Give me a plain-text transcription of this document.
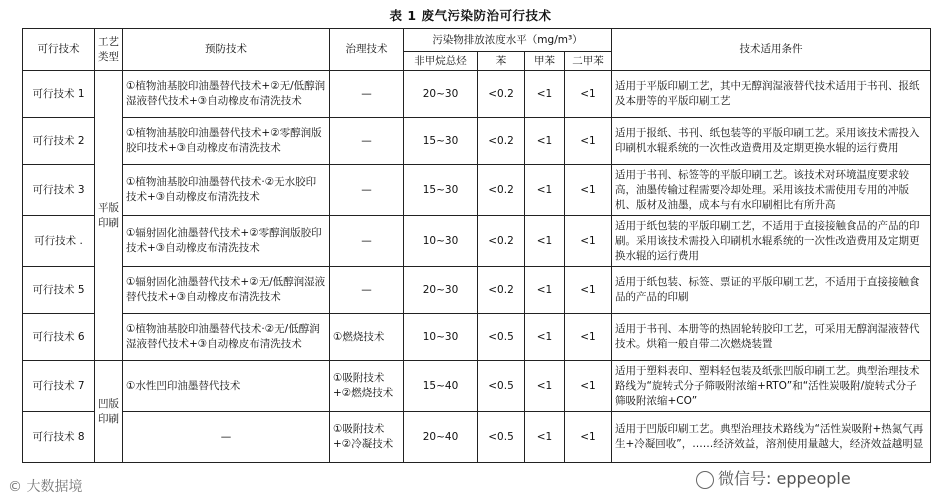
表 1 废气污染防治可行技术
可行技术	工艺类型	预防技术	治理技术	污染物排放浓度水平（mg/m³）				技术适用条件
				非甲烷总烃	苯	甲苯	二甲苯	
可行技术 1	平版印刷	①植物油基胶印油墨替代技术+②无/低醇润湿液替代技术+③自动橡皮布清洗技术	—	20~30	<0.2	<1	<1	适用于平版印刷工艺，其中无醇润湿液替代技术适用于书刊、报纸及本册等的平版印刷工艺
可行技术 2		①植物油基胶印油墨替代技术+②零醇润版胶印技术+③自动橡皮布清洗技术	—	15~30	<0.2	<1	<1	适用于报纸、书刊、纸包装等的平版印刷工艺。采用该技术需投入印刷机水辊系统的一次性改造费用及定期更换水辊的运行费用
可行技术 3		①植物油基胶印油墨替代技术·②无水胶印技术+③自动橡皮布清洗技术	—	15~30	<0.2	<1	<1	适用于书刊、标签等的平版印刷工艺。该技术对环境温度要求较高，油墨传输过程需要冷却处理。采用该技术需使用专用的冲版机、版材及油墨，成本与有水印刷相比有所升高
可行技术 .		①辐射固化油墨替代技术+②零醇润版胶印技术+③自动橡皮布清洗技术	—	10~30	<0.2	<1	<1	适用于纸包装的平版印刷工艺，不适用于直接接触食品的产品的印刷。采用该技术需投入印刷机水辊系统的一次性改造费用及定期更换水辊的运行费用
可行技术 5		①辐射固化油墨替代技术+②无/低醇润湿液替代技术+③自动橡皮布清洗技术	—	20~30	<0.2	<1	<1	适用于纸包装、标签、票证的平版印刷工艺，不适用于直接接触食品的产品的印刷
可行技术 6		①植物油基胶印油墨替代技术·②无/低醇润湿液替代技术+③自动橡皮布清洗技术	①燃烧技术	10~30	<0.5	<1	<1	适用于书刊、本册等的热固轮转胶印工艺，可采用无醇润湿液替代技术。烘箱一般自带二次燃烧装置
可行技术 7	凹版印刷	①水性凹印油墨替代技术	①吸附技术+②燃烧技术	15~40	<0.5	<1	<1	适用于塑料表印、塑料轻包装及纸张凹版印刷工艺。典型治理技术路线为“旋转式分子筛吸附浓缩+RTO”和“活性炭吸附/旋转式分子筛吸附浓缩+CO”
可行技术 8		—	①吸附技术+②冷凝技术	20~40	<0.5	<1	<1	适用于凹版印刷工艺。典型治理技术路线为“活性炭吸附+热氮气再生+冷凝回收”，……经济效益，溶剂使用量越大，经济效益越明显
© 大数据境	微信号: eppeople
